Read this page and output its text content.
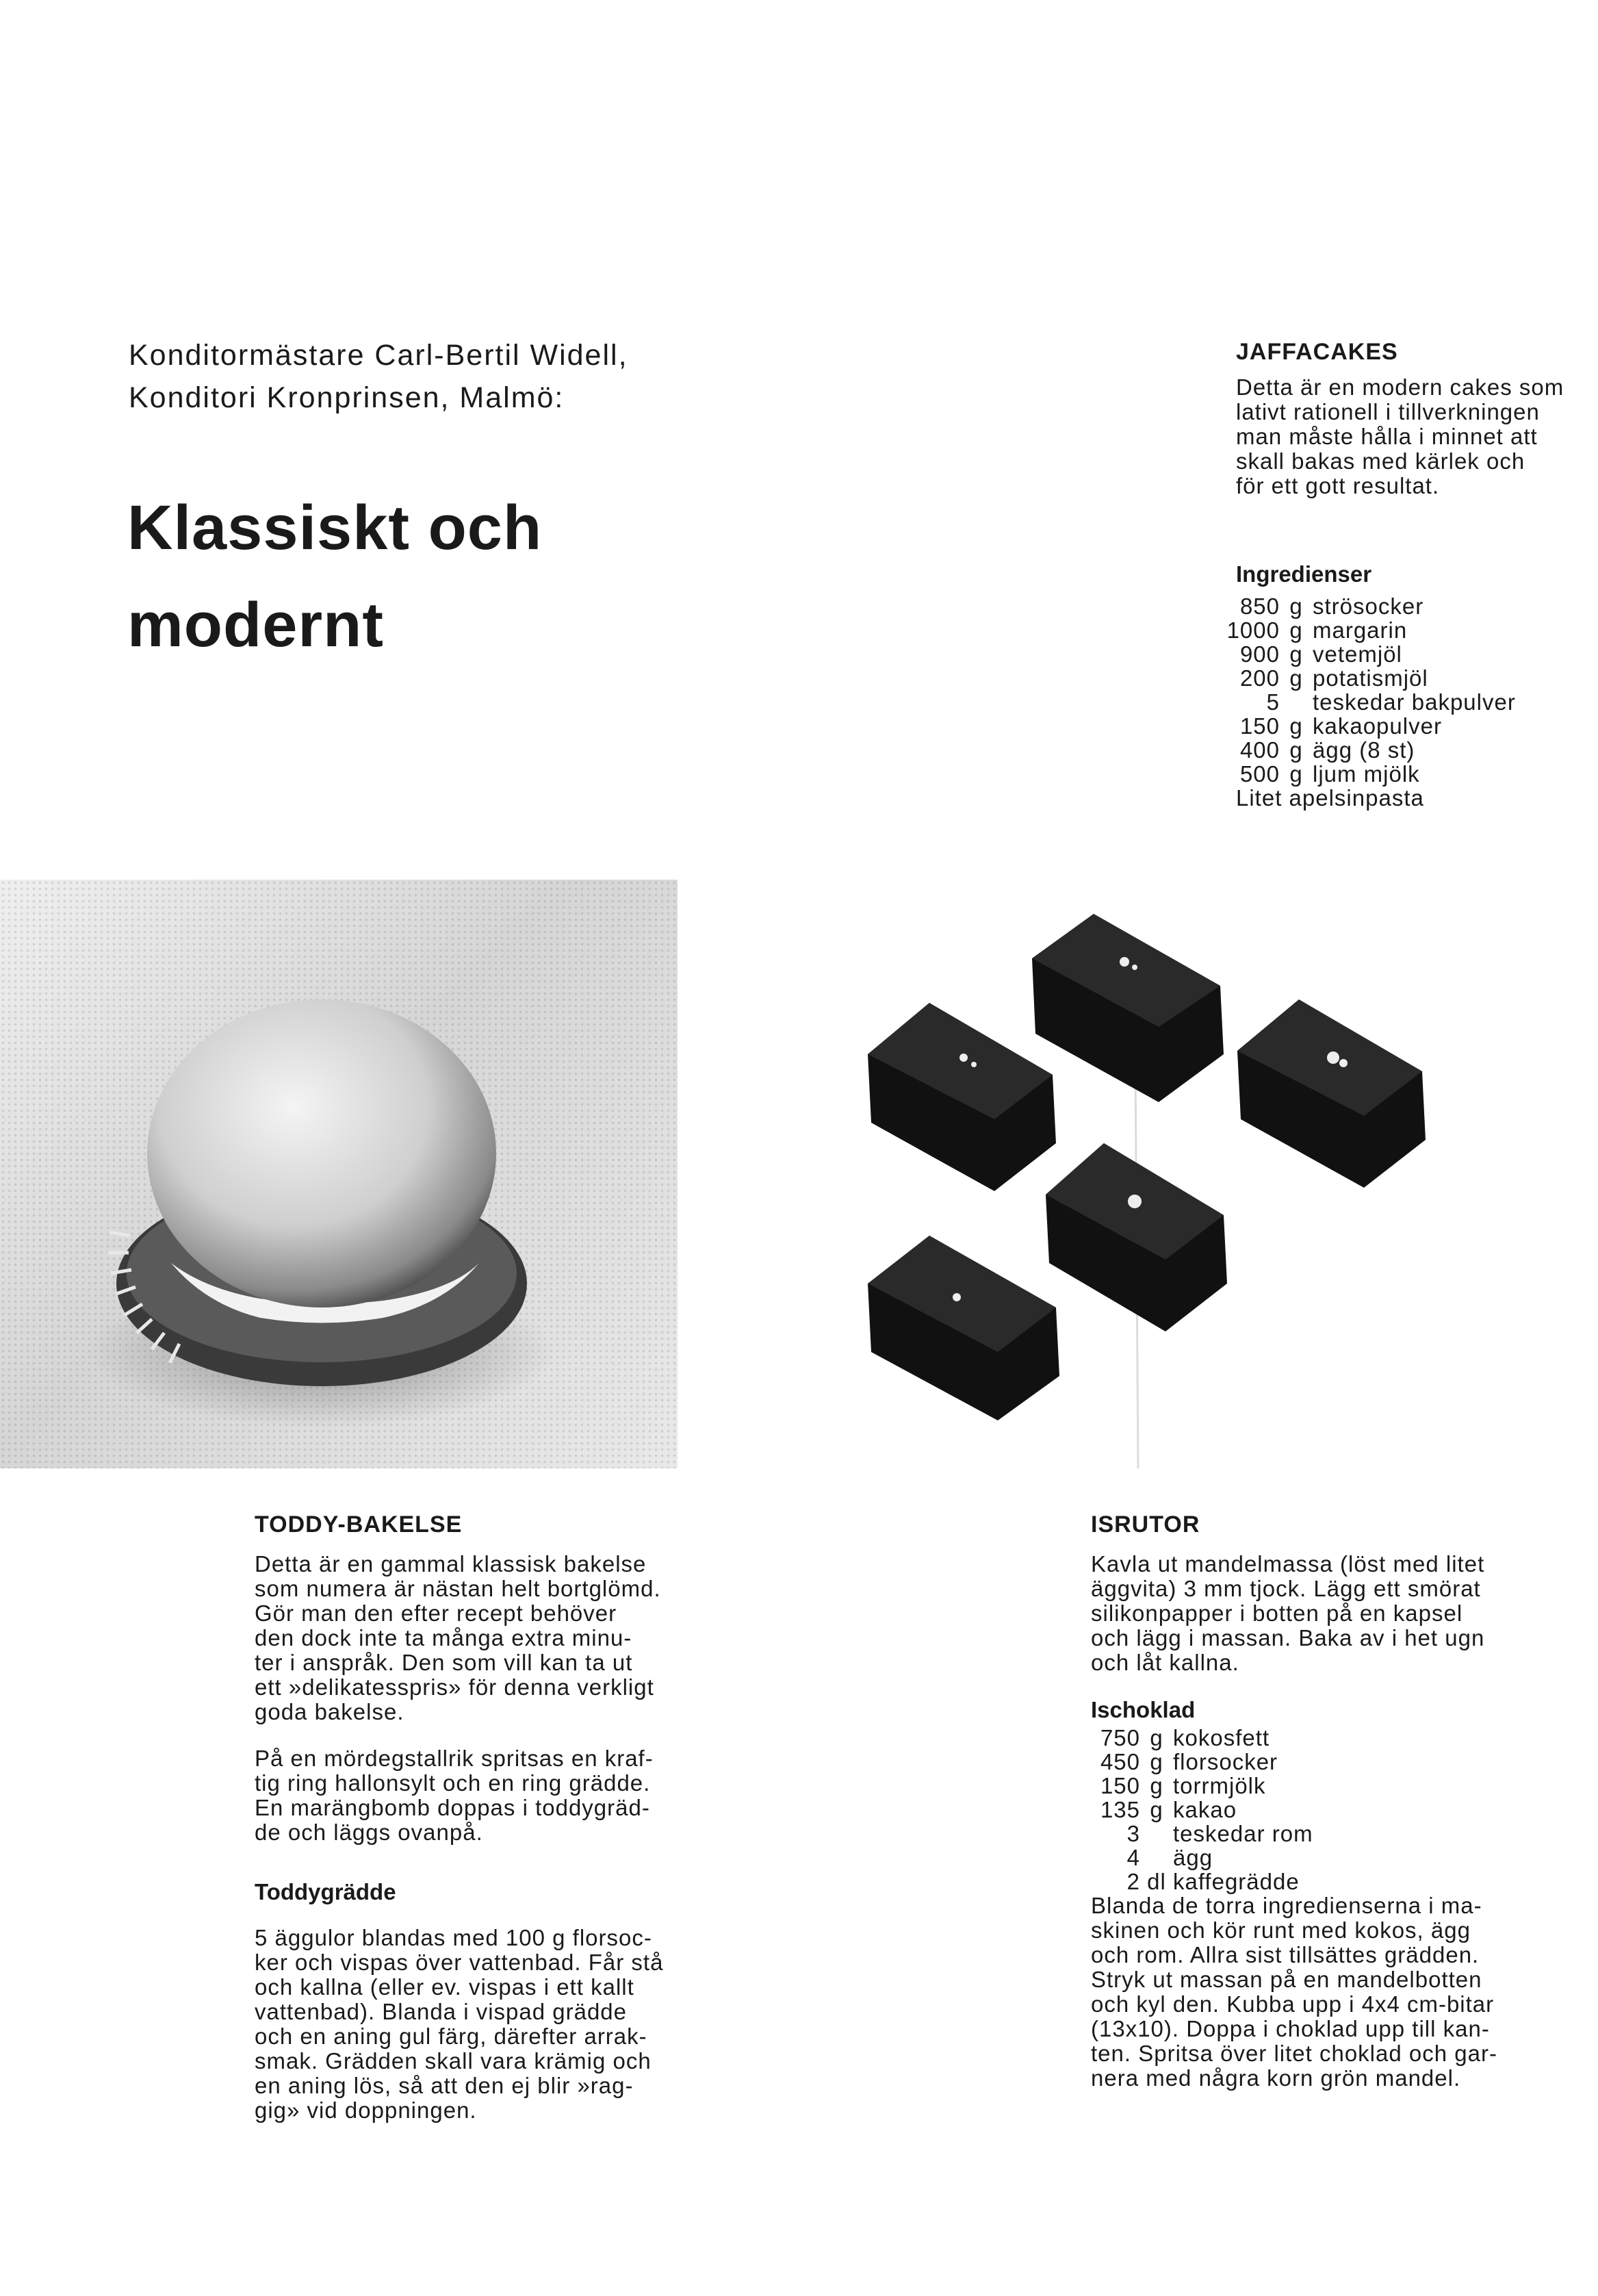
Konditormästare Carl-Bertil Widell,
Konditori Kronprinsen, Malmö:
Klassiskt och
modernt
JAFFACAKES
Detta är en modern cakes som
lativt rationell i tillverkningen
man måste hålla i minnet att
skall bakas med kärlek och
för ett gott resultat.
Ingredienser
850 g strösocker
1000 g margarin
900 g vetemjöl
200 g potatismjöl
5 teskedar bakpulver
150 g kakaopulver
400 g ägg (8 st)
500 g ljum mjölk
Litet apelsinpasta
TODDY-BAKELSE
Detta är en gammal klassisk bakelse
som numera är nästan helt bortglömd.
Gör man den efter recept behöver
den dock inte ta många extra minu-
ter i anspråk. Den som vill kan ta ut
ett »delikatesspris» för denna verkligt
goda bakelse.
På en mördegstallrik spritsas en kraf-
tig ring hallonsylt och en ring grädde.
En marängbomb doppas i toddygräd-
de och läggs ovanpå.
Toddygrädde
5 äggulor blandas med 100 g florsoc-
ker och vispas över vattenbad. Får stå
och kallna (eller ev. vispas i ett kallt
vattenbad). Blanda i vispad grädde
och en aning gul färg, därefter arrak-
smak. Grädden skall vara krämig och
en aning lös, så att den ej blir »rag-
gig» vid doppningen.
ISRUTOR
Kavla ut mandelmassa (löst med litet
äggvita) 3 mm tjock. Lägg ett smörat
silikonpapper i botten på en kapsel
och lägg i massan. Baka av i het ugn
och låt kallna.
Ischoklad
750 g kokosfett
450 g florsocker
150 g torrmjölk
135 g kakao
3 teskedar rom
4 ägg
2 dl kaffegrädde
Blanda de torra ingredienserna i ma-
skinen och kör runt med kokos, ägg
och rom. Allra sist tillsättes grädden.
Stryk ut massan på en mandelbotten
och kyl den. Kubba upp i 4x4 cm-bitar
(13x10). Doppa i choklad upp till kan-
ten. Spritsa över litet choklad och gar-
nera med några korn grön mandel.
